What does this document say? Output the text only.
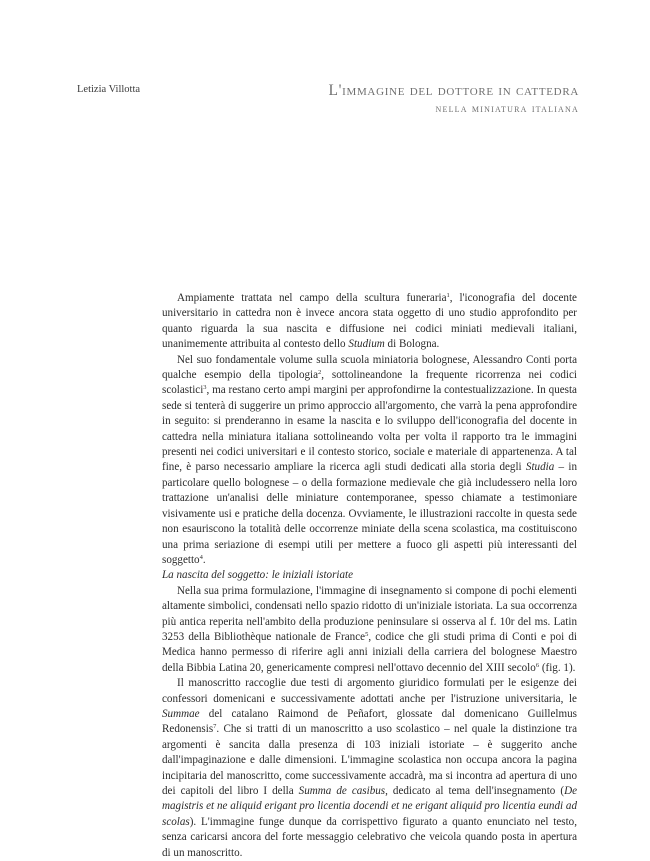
Letizia Villotta	L'immagine del dottore in cattedra
nella miniatura italiana

Ampiamente trattata nel campo della scultura funeraria$^1$, l'iconografia del docente universitario in cattedra non è invece ancora stata oggetto di uno studio approfondito per quanto riguarda la sua nascita e diffusione nei codici miniati medievali italiani, unanimemente attribuita al contesto dello Studium di Bologna.

Nel suo fondamentale volume sulla scuola miniatoria bolognese, Alessandro Conti porta qualche esempio della tipologia$^2$, sottolineandone la frequente ricorrenza nei codici scolastici$^3$, ma restano certo ampi margini per approfondirne la contestualizzazione. In questa sede si tenterà di suggerire un primo approccio all'argomento, che varrà la pena approfondire in seguito: si prenderanno in esame la nascita e lo sviluppo dell'iconografia del docente in cattedra nella miniatura italiana sottolineando volta per volta il rapporto tra le immagini presenti nei codici universitari e il contesto storico, sociale e materiale di appartenenza. A tal fine, è parso necessario ampliare la ricerca agli studi dedicati alla storia degli Studia – in particolare quello bolognese – o della formazione medievale che già includessero nella loro trattazione un'analisi delle miniature contemporanee, spesso chiamate a testimoniare visivamente usi e pratiche della docenza. Ovviamente, le illustrazioni raccolte in questa sede non esauriscono la totalità delle occorrenze miniate della scena scolastica, ma costituiscono una prima seriazione di esempi utili per mettere a fuoco gli aspetti più interessanti del soggetto$^4$.

La nascita del soggetto: le iniziali istoriate

Nella sua prima formulazione, l'immagine di insegnamento si compone di pochi elementi altamente simbolici, condensati nello spazio ridotto di un'iniziale istoriata. La sua occorrenza più antica reperita nell'ambito della produzione peninsulare si osserva al f. 10r del ms. Latin 3253 della Bibliothèque nationale de France$^5$, codice che gli studi prima di Conti e poi di Medica hanno permesso di riferire agli anni iniziali della carriera del bolognese Maestro della Bibbia Latina 20, genericamente compresi nell'ottavo decennio del XIII secolo$^6$ (fig. 1).

Il manoscritto raccoglie due testi di argomento giuridico formulati per le esigenze dei confessori domenicani e successivamente adottati anche per l'istruzione universitaria, le Summae del catalano Raimond de Peñafort, glossate dal domenicano Guillelmus Redonensis$^7$. Che si tratti di un manoscritto a uso scolastico – nel quale la distinzione tra argomenti è sancita dalla presenza di 103 iniziali istoriate – è suggerito anche dall'impaginazione e dalle dimensioni. L'immagine scolastica non occupa ancora la pagina incipitaria del manoscritto, come successivamente accadrà, ma si incontra ad apertura di uno dei capitoli del libro I della Summa de casibus, dedicato al tema dell'insegnamento (De magistris et ne aliquid erigant pro licentia docendi et ne erigant aliquid pro licentia eundi ad scolas). L'immagine funge dunque da corrispettivo figurato a quanto enunciato nel testo, senza caricarsi ancora del forte messaggio celebrativo che veicola quando posta in apertura di un manoscritto.
